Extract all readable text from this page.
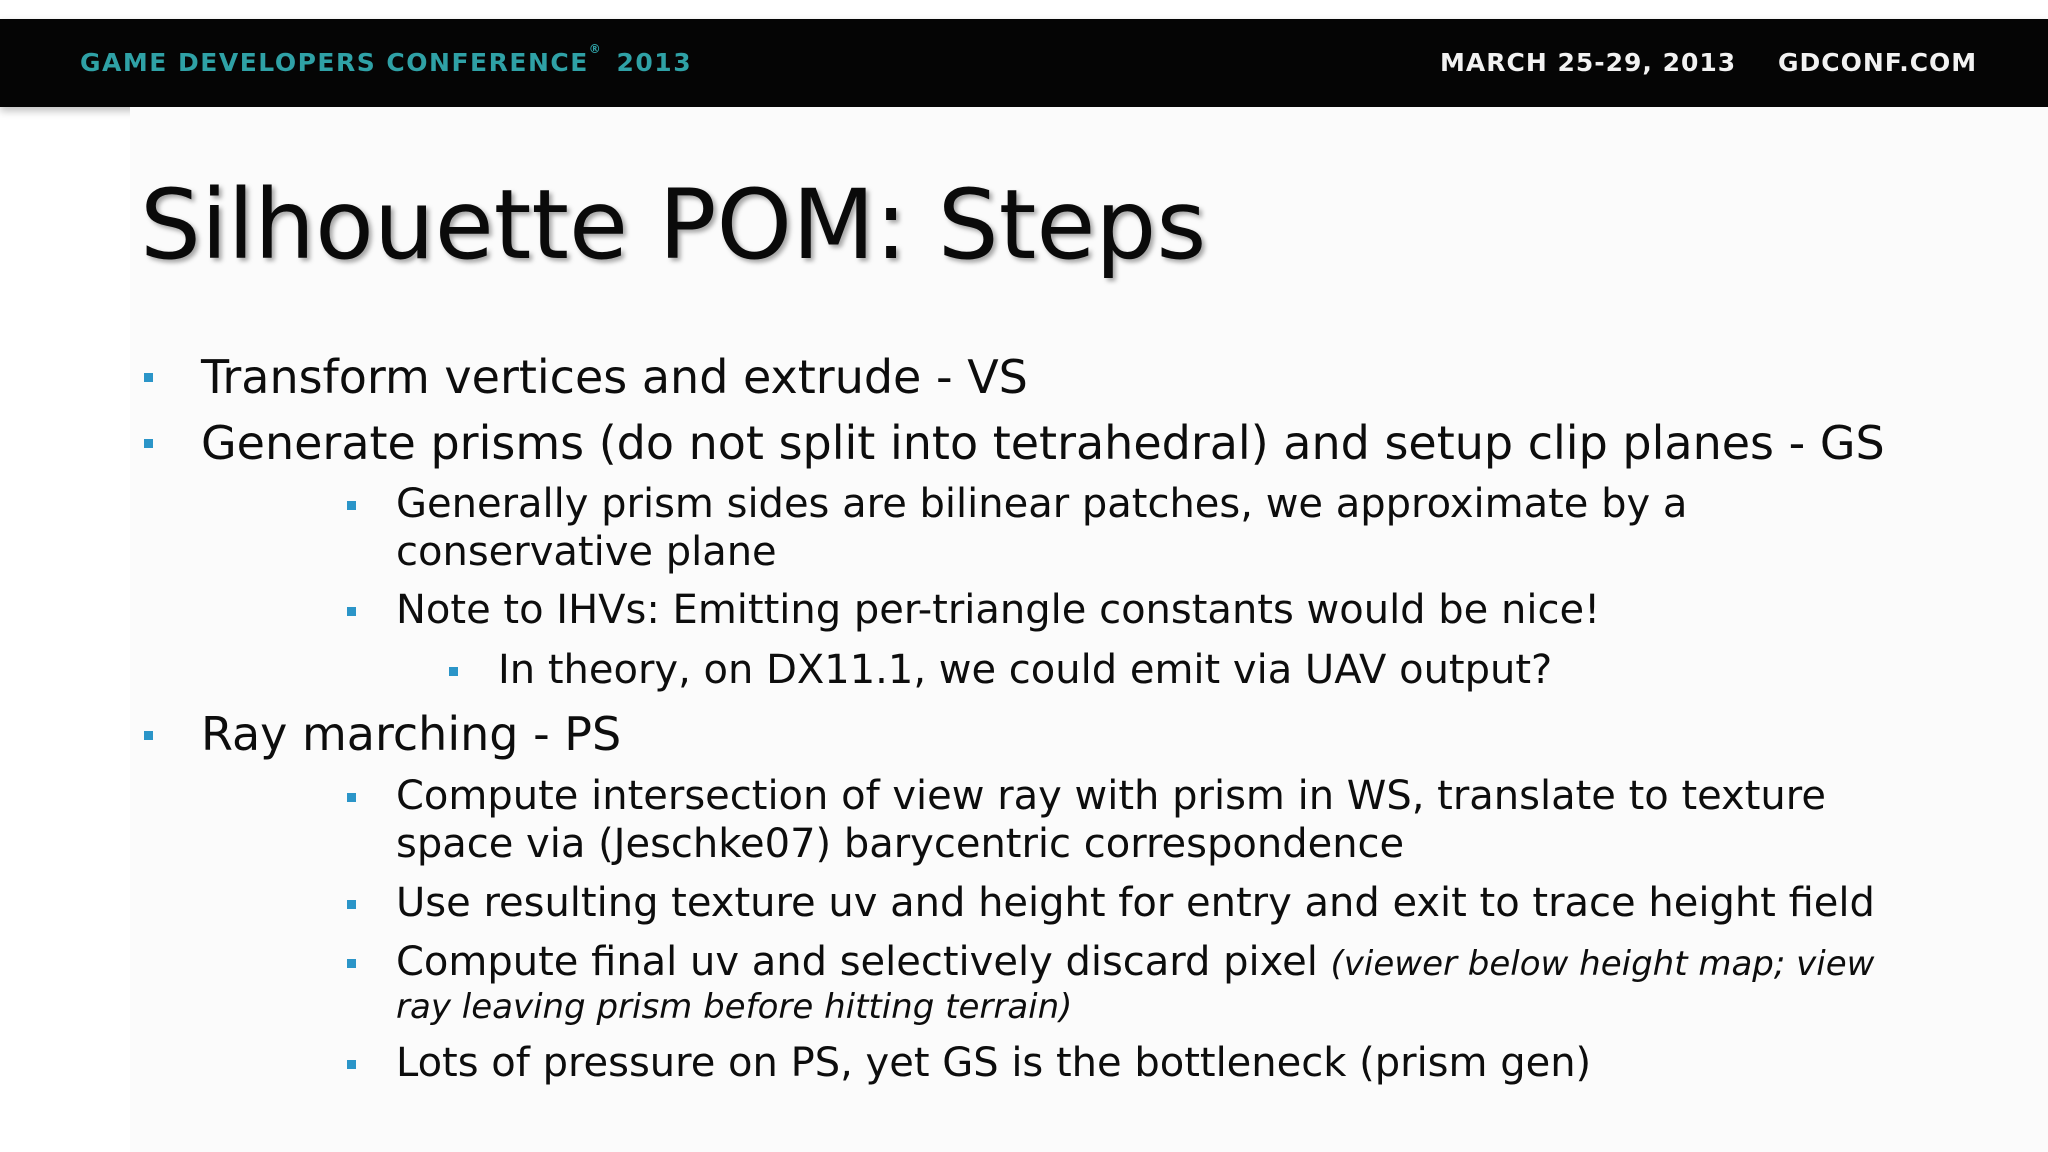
GAME DEVELOPERS CONFERENCE® 2013	MARCH 25-29, 2013 GDCONF.COM
Silhouette POM: Steps
Transform vertices and extrude - VS
Generate prisms (do not split into tetrahedral) and setup clip planes - GS
Generally prism sides are bilinear patches, we approximate by a
conservative plane
Note to IHVs: Emitting per-triangle constants would be nice!
In theory, on DX11.1, we could emit via UAV output?
Ray marching - PS
Compute intersection of view ray with prism in WS, translate to texture
space via (Jeschke07) barycentric correspondence
Use resulting texture uv and height for entry and exit to trace height field
Compute final uv and selectively discard pixel (viewer below height map; view
ray leaving prism before hitting terrain)
Lots of pressure on PS, yet GS is the bottleneck (prism gen)
